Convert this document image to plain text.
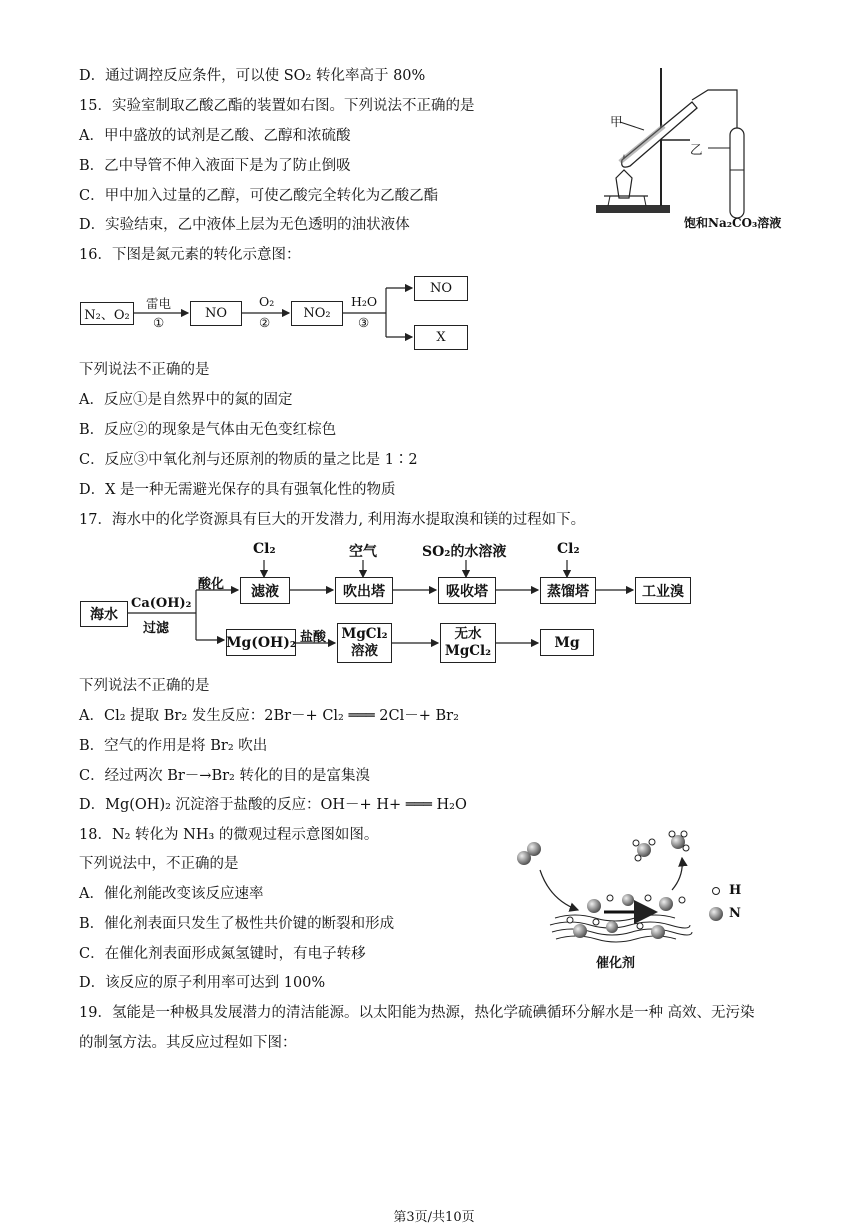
D．通过调控反应条件，可以使 SO₂ 转化率高于 80%
15．实验室制取乙酸乙酯的装置如右图。下列说法不正确的是
A．甲中盛放的试剂是乙酸、乙醇和浓硫酸
B．乙中导管不伸入液面下是为了防止倒吸
C．甲中加入过量的乙醇，可使乙酸完全转化为乙酸乙酯
D．实验结束，乙中液体上层为无色透明的油状液体
16．下图是氮元素的转化示意图：
下列说法不正确的是
A．反应①是自然界中的氮的固定
B．反应②的现象是气体由无色变红棕色
C．反应③中氧化剂与还原剂的物质的量之比是 1∶2
D．X 是一种无需避光保存的具有强氧化性的物质
17．海水中的化学资源具有巨大的开发潜力, 利用海水提取溴和镁的过程如下。
下列说法不正确的是
A．Cl₂ 提取 Br₂ 发生反应：2Br－+ Cl₂ ═══ 2Cl－+ Br₂
B．空气的作用是将 Br₂ 吹出
C．经过两次 Br－→Br₂ 转化的目的是富集溴
D．Mg(OH)₂ 沉淀溶于盐酸的反应：OH－+ H+ ═══ H₂O
18．N₂ 转化为 NH₃ 的微观过程示意图如图。
下列说法中，不正确的是
A．催化剂能改变该反应速率
B．催化剂表面只发生了极性共价键的断裂和形成
C．在催化剂表面形成氮氢键时，有电子转移
D．该反应的原子利用率可达到 100%
19．氢能是一种极具发展潜力的清洁能源。以太阳能为热源，热化学硫碘循环分解水是一种 高效、无污染
的制氢方法。其反应过程如下图：
甲
乙
饱和Na₂CO₃溶液
N₂、O₂	NO	NO₂
NO
X
雷电
①
O₂
②
H₂O
③
海水
滤液	吹出塔	吸收塔	蒸馏塔	工业溴
Mg(OH)₂
MgCl₂
溶液
无水
MgCl₂
Mg
Ca(OH)₂
过滤
酸化
Cl₂	空气	SO₂的水溶液	Cl₂
盐酸
H
N
催化剂
第3页/共10页
